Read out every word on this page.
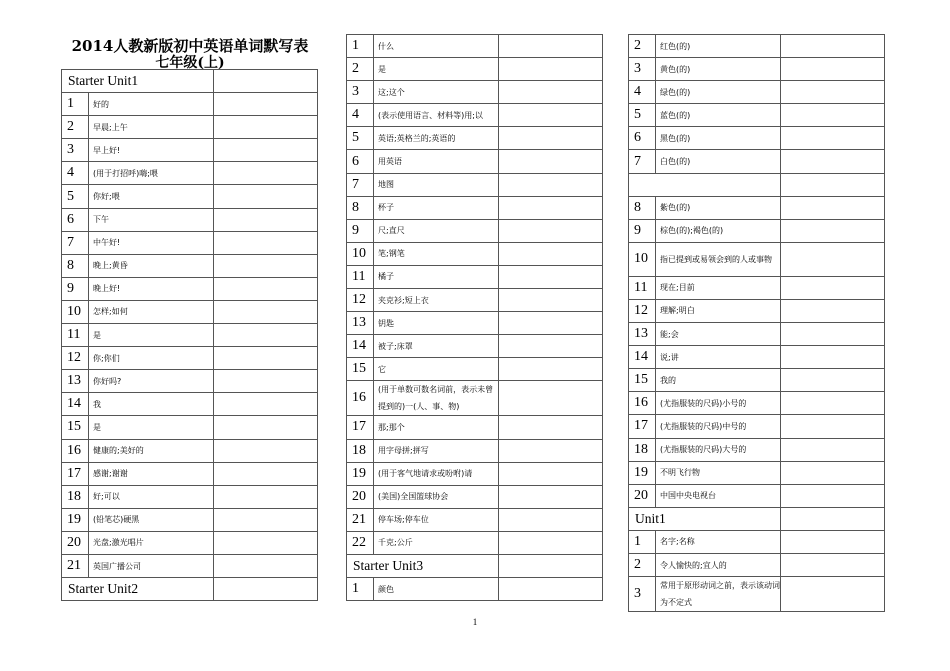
2014人教新版初中英语单词默写表
七年级(上)
Starter Unit1		
1	好的	
2	早晨;上午	
3	早上好!	
4	(用于打招呼)嗨;喂	
5	你好;喂	
6	下午	
7	中午好!	
8	晚上;黄昏	
9	晚上好!	
10	怎样;如何	
11	是	
12	你;你们	
13	你好吗?	
14	我	
15	是	
16	健康的;美好的	
17	感谢;谢谢	
18	好;可以	
19	(铅笔芯)硬黑	
20	光盘;激光唱片	
21	英国广播公司	
Starter Unit2		
1	什么	
2	是	
3	这;这个	
4	(表示使用语言、材料等)用;以	
5	英语;英格兰的;英语的	
6	用英语	
7	地图	
8	杯子	
9	尺;直尺	
10	笔;钢笔	
11	橘子	
12	夹克衫;短上衣	
13	钥匙	
14	被子;床罩	
15	它	
16	(用于单数可数名词前，表示未曾提到的)一(人、事、物)	
17	那;那个	
18	用字母拼;拼写	
19	(用于客气地请求或吩咐)请	
20	(美国)全国篮球协会	
21	停车场;停车位	
22	千克;公斤	
Starter Unit3		
1	颜色	
2	红色(的)	
3	黄色(的)	
4	绿色(的)	
5	蓝色(的)	
6	黑色(的)	
7	白色(的)	

8	紫色(的)	
9	棕色(的);褐色(的)	
10	指已提到或易领会到的人或事物	
11	现在;目前	
12	理解;明白	
13	能;会	
14	说;讲	
15	我的	
16	(尤指服装的尺码)小号的	
17	(尤指服装的尺码)中号的	
18	(尤指服装的尺码)大号的	
19	不明飞行物	
20	中国中央电视台	
Unit1		
1	名字;名称	
2	令人愉快的;宜人的	
3	常用于原形动词之前，表示该动词为不定式	
1
